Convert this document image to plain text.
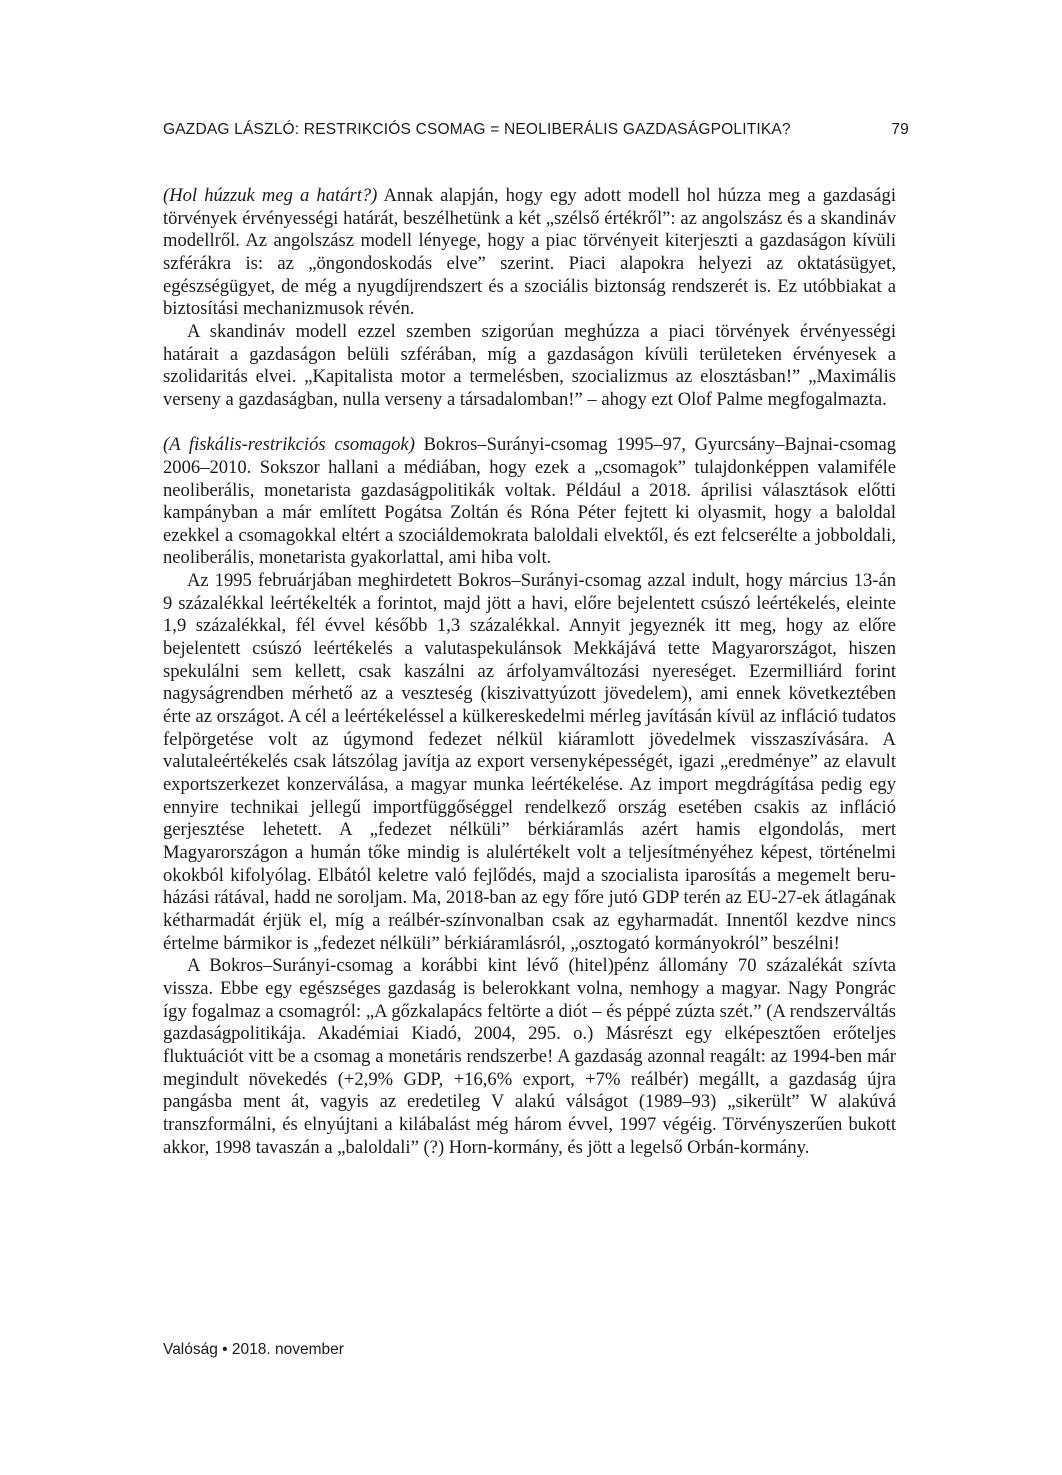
GAZDAG LÁSZLÓ: RESTRIKCIÓS CSOMAG = NEOLIBERÁLIS GAZDASÁGPOLITIKA?	79

(Hol húzzuk meg a határt?) Annak alapján, hogy egy adott modell hol húzza meg a gazdasági törvények érvényességi határát, beszélhetünk a két „szélső értékről”: az angolszász és a skandináv modellről. Az angolszász modell lényege, hogy a piac törvényeit kiterjeszti a gazdaságon kívüli szférákra is: az „öngondoskodás elve” szerint. Piaci alapokra helyezi az oktatásügyet, egészségügyet, de még a nyugdíjrendszert és a szociális biztonság rendszerét is. Ez utóbbiakat a biztosítási mechanizmusok révén.

A skandináv modell ezzel szemben szigorúan meghúzza a piaci törvények érvényességi határait a gazdaságon belüli szférában, míg a gazdaságon kívüli területeken érvényesek a szolidaritás elvei. „Kapitalista motor a termelésben, szocializmus az elosztásban!” „Maximális verseny a gazdaságban, nulla verseny a társadalomban!” – ahogy ezt Olof Palme megfogalmazta.

(A fiskális-restrikciós csomagok) Bokros–Surányi-csomag 1995–97, Gyurcsány–Bajnai-csomag 2006–2010. Sokszor hallani a médiában, hogy ezek a „csomagok” tulajdonképpen valamiféle neoliberális, monetarista gazdaságpolitikák voltak. Például a 2018. áprilisi választások előtti kampányban a már említett Pogátsa Zoltán és Róna Péter fejtett ki olyasmit, hogy a baloldal ezekkel a csomagokkal eltért a szociáldemokrata baloldali elvektől, és ezt felcserélte a jobboldali, neoliberális, monetarista gyakorlattal, ami hiba volt.

Az 1995 februárjában meghirdetett Bokros–Surányi-csomag azzal indult, hogy március 13-án 9 százalékkal leértékelték a forintot, majd jött a havi, előre bejelentett csúszó leértékelés, eleinte 1,9 százalékkal, fél évvel később 1,3 százalékkal. Annyit jegyeznék itt meg, hogy az előre bejelentett csúszó leértékelés a valutaspekulánsok Mekkájává tette Magyarországot, hiszen spekulálni sem kellett, csak kaszálni az árfolyamváltozási nyereséget. Ezermilliárd forint nagyságrendben mérhető az a veszteség (kiszivattyúzott jövedelem), ami ennek következtében érte az országot. A cél a leértékeléssel a külkereskedelmi mérleg javításán kívül az infláció tudatos felpörgetése volt az úgymond fedezet nélkül kiáramlott jövedelmek visszaszívására. A valutaleértékelés csak látszólag javítja az export versenyképességét, igazi „eredménye” az elavult exportszerkezet konzerválása, a magyar munka leértékelése. Az import megdrágítása pedig egy ennyire technikai jellegű importfüggőséggel rendelkező ország esetében csakis az infláció gerjesztése lehetett. A „fedezet nélküli” bérkiáramlás azért hamis elgondolás, mert Magyarországon a humán tőke mindig is alulértékelt volt a teljesítményéhez képest, történelmi okokból kifolyólag. Elbától keletre való fejlődés, majd a szocialista iparosítás a megemelt beruházási rátával, hadd ne soroljam. Ma, 2018-ban az egy főre jutó GDP terén az EU-27-ek átlagának kétharmadát érjük el, míg a reálbér-színvonalban csak az egyharmadát. Innentől kezdve nincs értelme bármikor is „fedezet nélküli” bérkiáramlásról, „osztogató kormányokról” beszélni!

A Bokros–Surányi-csomag a korábbi kint lévő (hitel)pénz állomány 70 százalékát szívta vissza. Ebbe egy egészséges gazdaság is belerokkant volna, nemhogy a magyar. Nagy Pongrác így fogalmaz a csomagról: „A gőzkalapács feltörte a diót – és péppé zúzta szét.” (A rendszerváltás gazdaságpolitikája. Akadémiai Kiadó, 2004, 295. o.) Másrészt egy elképesztően erőteljes fluktuációt vitt be a csomag a monetáris rendszerbe! A gazdaság azonnal reagált: az 1994-ben már megindult növekedés (+2,9% GDP, +16,6% export, +7% reálbér) megállt, a gazdaság újra pangásba ment át, vagyis az eredetileg V alakú válságot (1989–93) „sikerült” W alakúvá transzformálni, és elnyújtani a kilábalást még három évvel, 1997 végéig. Törvényszerűen bukott akkor, 1998 tavaszán a „baloldali” (?) Horn-kormány, és jött a legelső Orbán-kormány.

Valóság • 2018. november
